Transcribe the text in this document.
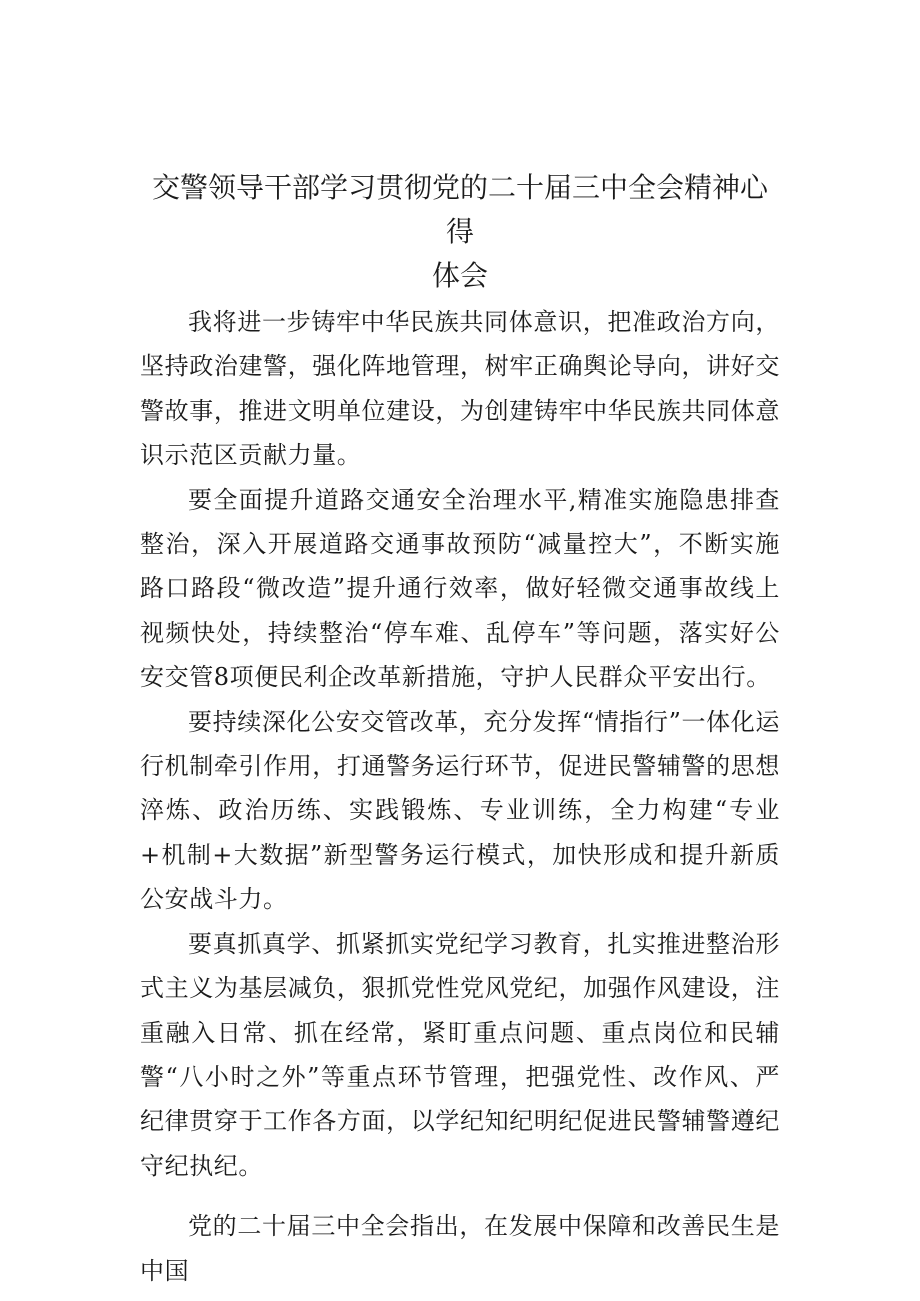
交警领导干部学习贯彻党的二十届三中全会精神心得
体会

我将进一步铸牢中华民族共同体意识，把准政治方向，坚持政治建警，强化阵地管理，树牢正确舆论导向，讲好交警故事，推进文明单位建设，为创建铸牢中华民族共同体意识示范区贡献力量。

要全面提升道路交通安全治理水平,精准实施隐患排查整治，深入开展道路交通事故预防“减量控大”，不断实施路口路段“微改造”提升通行效率，做好轻微交通事故线上视频快处，持续整治“停车难、乱停车”等问题，落实好公安交管8项便民利企改革新措施，守护人民群众平安出行。

要持续深化公安交管改革，充分发挥“情指行”一体化运行机制牵引作用，打通警务运行环节，促进民警辅警的思想淬炼、政治历练、实践锻炼、专业训练，全力构建“专业+机制+大数据”新型警务运行模式，加快形成和提升新质公安战斗力。

要真抓真学、抓紧抓实党纪学习教育，扎实推进整治形式主义为基层减负，狠抓党性党风党纪，加强作风建设，注重融入日常、抓在经常，紧盯重点问题、重点岗位和民辅警“八小时之外”等重点环节管理，把强党性、改作风、严纪律贯穿于工作各方面，以学纪知纪明纪促进民警辅警遵纪守纪执纪。

党的二十届三中全会指出，在发展中保障和改善民生是中国
